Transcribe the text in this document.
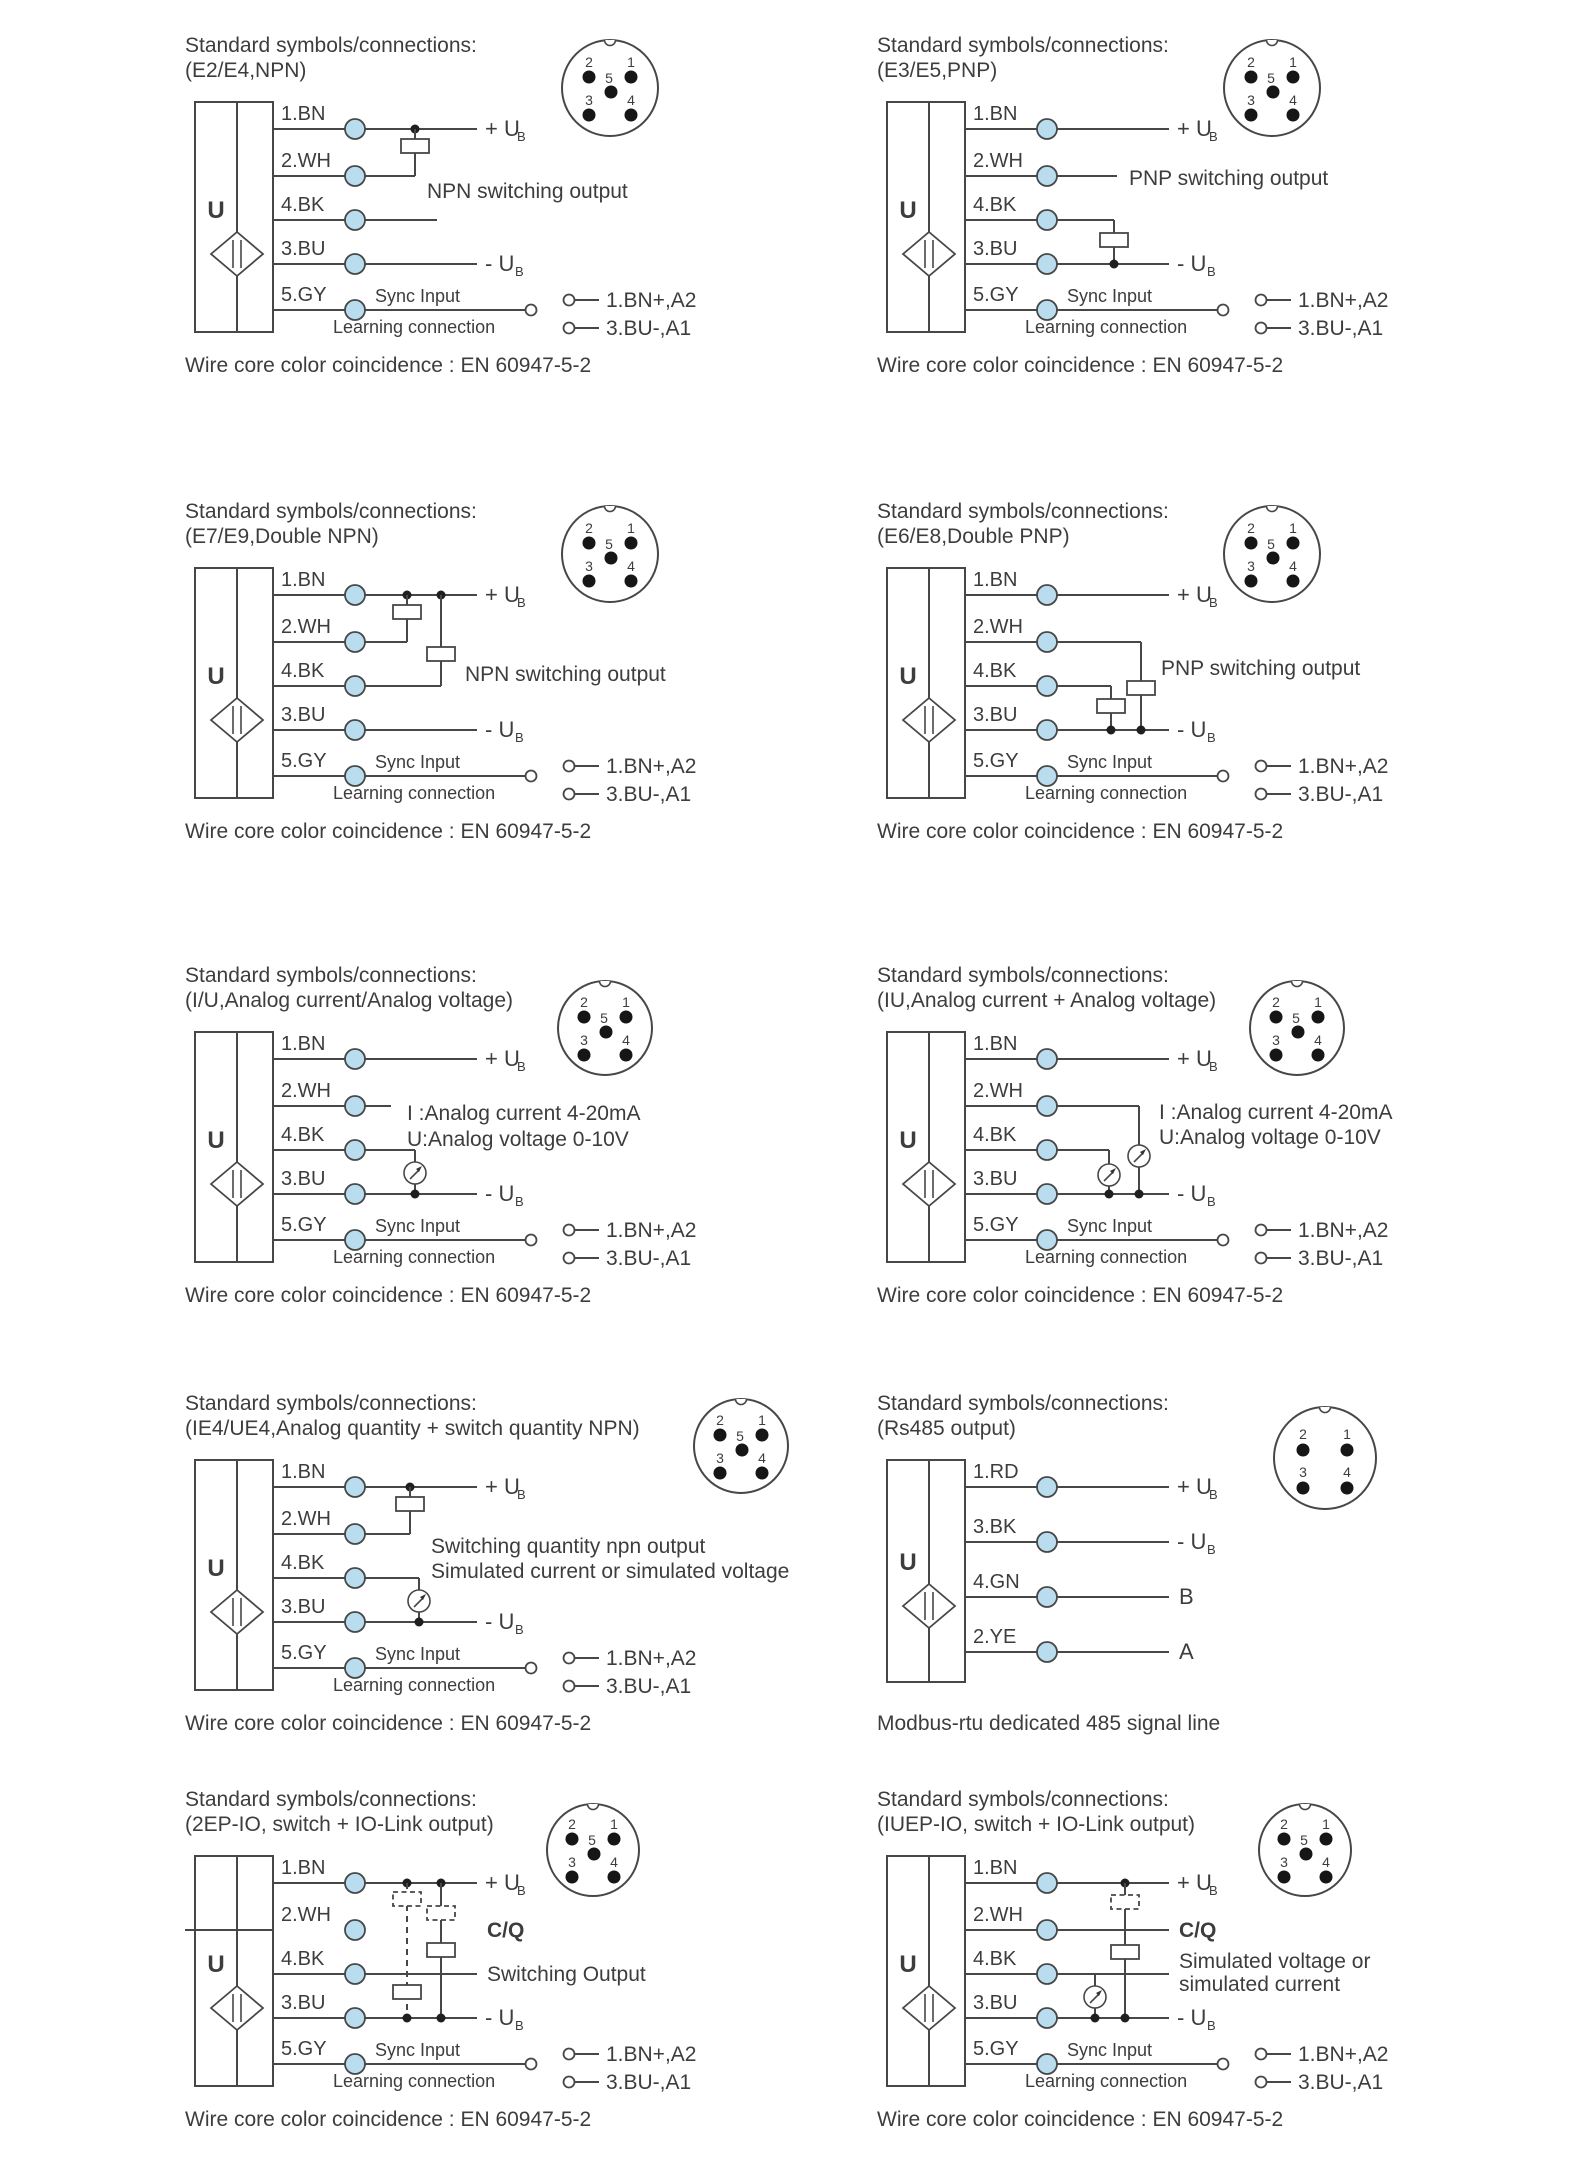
Standard symbols/connections:
(E2/E4,NPN)
U
1.BN
+ U
B
2.WH
NPN switching output
4.BK
3.BU
- U B
5.GY	Sync Input
Learning connection
1.BN+,A2
3.BU-,A1
2 1
5
3 4
Wire core color coincidence : EN 60947-5-2
Standard symbols/connections:
(E3/E5,PNP)
U
1.BN
+ U
B
2.WH
PNP switching output
4.BK
3.BU
- U B
5.GY	Sync Input
Learning connection
1.BN+,A2
3.BU-,A1
2 1
5
3 4
Wire core color coincidence : EN 60947-5-2
Standard symbols/connections:
(E7/E9,Double NPN)
U
1.BN
+ U
B
2.WH
4.BK	NPN switching output
3.BU
- U B
5.GY	Sync Input
Learning connection
1.BN+,A2
3.BU-,A1
2 1
5
3 4
Wire core color coincidence : EN 60947-5-2
Standard symbols/connections:
(E6/E8,Double PNP)
U
1.BN
+ U
B
2.WH
4.BK	PNP switching output
3.BU
- U B
5.GY	Sync Input
Learning connection
1.BN+,A2
3.BU-,A1
2 1
5
3 4
Wire core color coincidence : EN 60947-5-2
Standard symbols/connections:
(I/U,Analog current/Analog voltage)
U
1.BN
+ U
B
2.WH
I :Analog current 4-20mA
U:Analog voltage 0-10V
4.BK
3.BU
- U B
5.GY	Sync Input
Learning connection
1.BN+,A2
3.BU-,A1
2 1
5
3 4
Wire core color coincidence : EN 60947-5-2
Standard symbols/connections:
(IU,Analog current + Analog voltage)
U
1.BN
+ U
B
2.WH
I :Analog current 4-20mA
U:Analog voltage 0-10V
4.BK
3.BU
- U B
5.GY	Sync Input
Learning connection
1.BN+,A2
3.BU-,A1
2 1
5
3 4
Wire core color coincidence : EN 60947-5-2
Standard symbols/connections:
(IE4/UE4,Analog quantity + switch quantity NPN)
U
1.BN
+ U
B
2.WH
Switching quantity npn output
Simulated current or simulated voltage
4.BK
3.BU
- U B
5.GY	Sync Input
Learning connection
1.BN+,A2
3.BU-,A1
2 1
5
3 4
Wire core color coincidence : EN 60947-5-2
Standard symbols/connections:
(Rs485 output)
U
1.RD
+ U
B
3.BK
- U B
4.GN
B
2.YE
A
2	1
3	4
Modbus-rtu dedicated 485 signal line
Standard symbols/connections:
(2EP-IO, switch + IO-Link output)
U
1.BN
+ U
B
2.WH
C/Q
4.BK
Switching Output
3.BU
- U B
5.GY	Sync Input
Learning connection
1.BN+,A2
3.BU-,A1
2 1
5
3 4
Wire core color coincidence : EN 60947-5-2
Standard symbols/connections:
(IUEP-IO, switch + IO-Link output)
U
1.BN
+ U
B
2.WH
C/Q
4.BK	Simulated voltage or
simulated current
3.BU
- U B
5.GY	Sync Input
Learning connection
1.BN+,A2
3.BU-,A1
2 1
5
3 4
Wire core color coincidence : EN 60947-5-2
